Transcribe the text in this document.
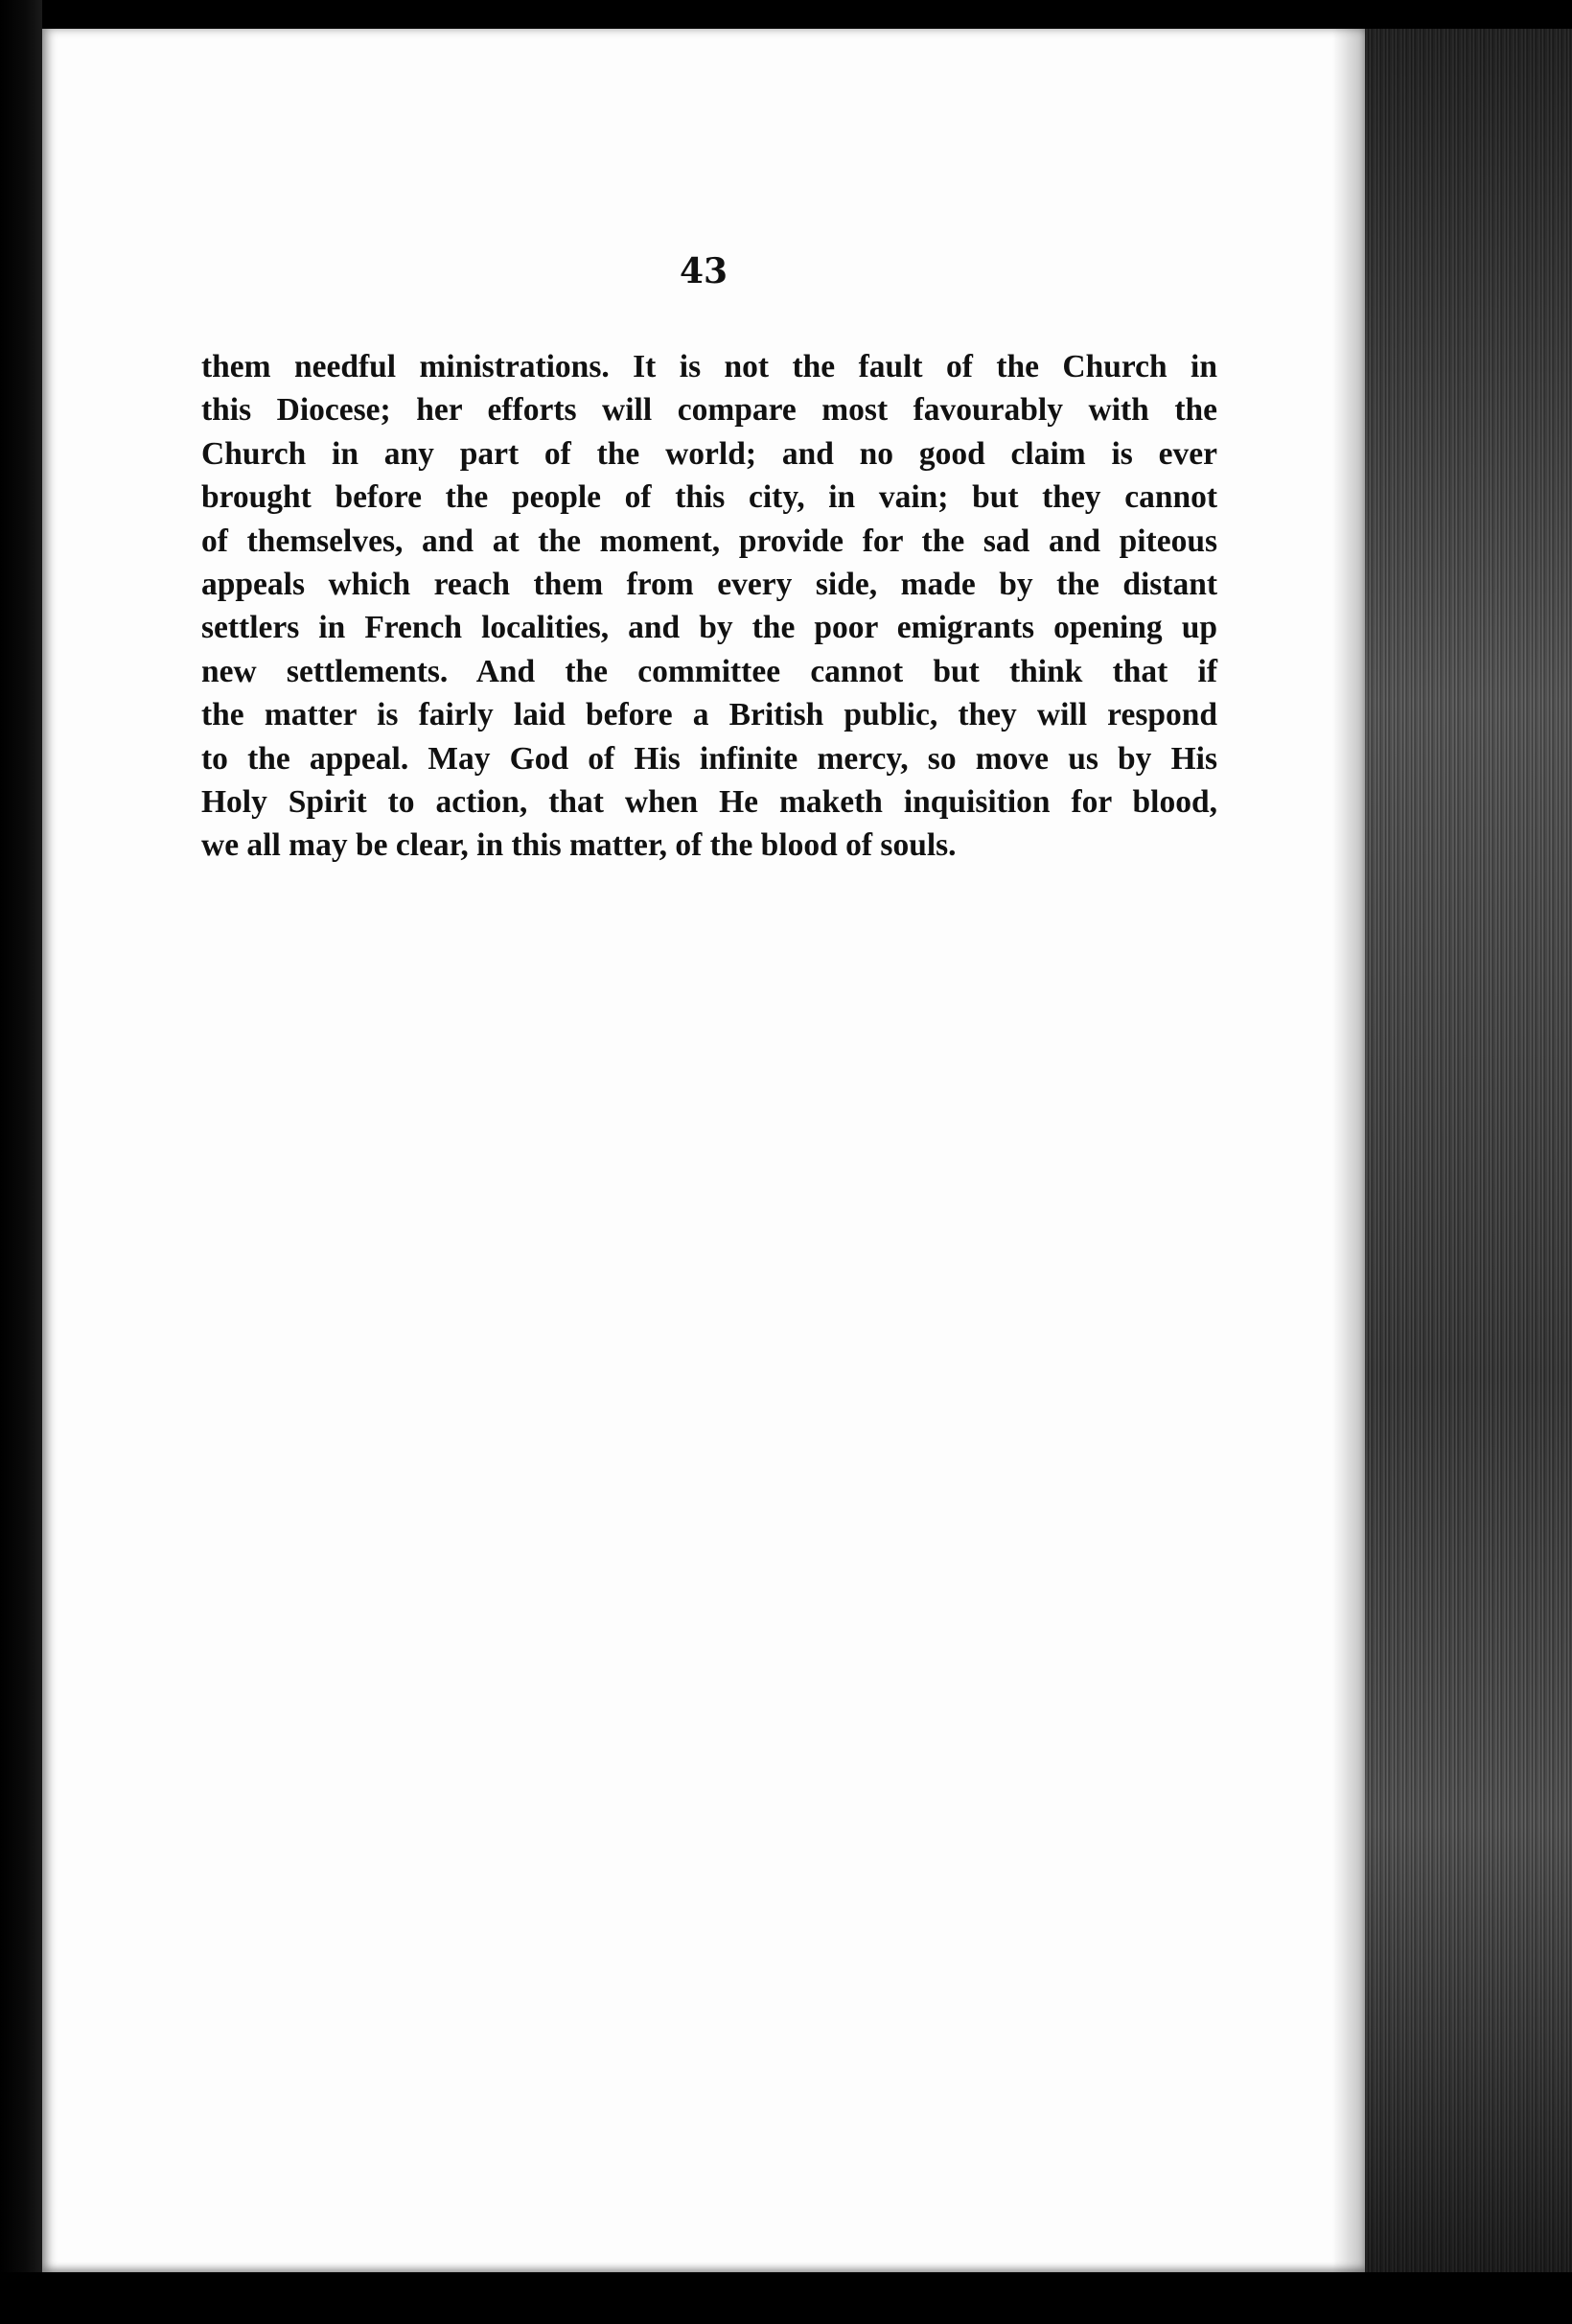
43
them needful ministrations. It is not the fault of the Church in
this Diocese; her efforts will compare most favourably with the
Church in any part of the world; and no good claim is ever
brought before the people of this city, in vain; but they cannot
of themselves, and at the moment, provide for the sad and piteous
appeals which reach them from every side, made by the distant
settlers in French localities, and by the poor emigrants opening up
new settlements. And the committee cannot but think that if
the matter is fairly laid before a British public, they will respond
to the appeal. May God of His infinite mercy, so move us by His
Holy Spirit to action, that when He maketh inquisition for blood,
we all may be clear, in this matter, of the blood of souls.
